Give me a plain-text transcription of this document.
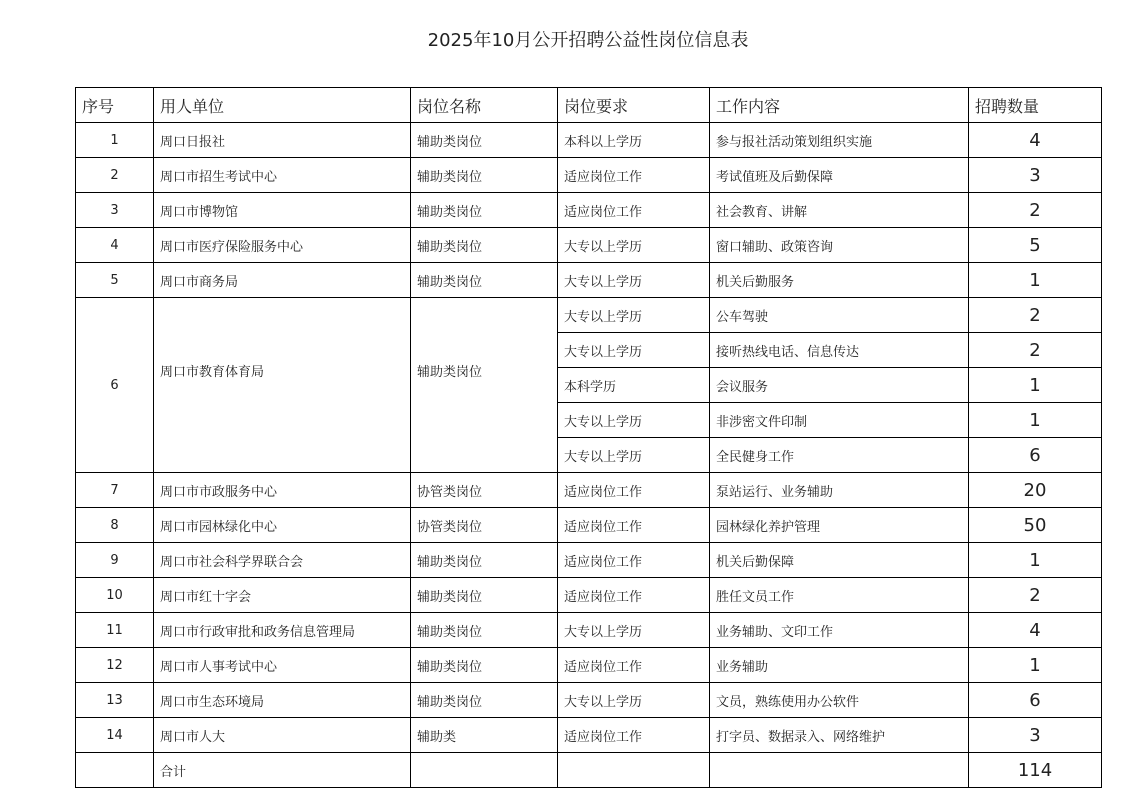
2025年10月公开招聘公益性岗位信息表
序号	用人单位	岗位名称	岗位要求	工作内容	招聘数量
1	周口日报社	辅助类岗位	本科以上学历	参与报社活动策划组织实施	4
2	周口市招生考试中心	辅助类岗位	适应岗位工作	考试值班及后勤保障	3
3	周口市博物馆	辅助类岗位	适应岗位工作	社会教育、讲解	2
4	周口市医疗保险服务中心	辅助类岗位	大专以上学历	窗口辅助、政策咨询	5
5	周口市商务局	辅助类岗位	大专以上学历	机关后勤服务	1
6	周口市教育体育局	辅助类岗位	大专以上学历	公车驾驶	2
			大专以上学历	接听热线电话、信息传达	2
			本科学历	会议服务	1
			大专以上学历	非涉密文件印制	1
			大专以上学历	全民健身工作	6
7	周口市市政服务中心	协管类岗位	适应岗位工作	泵站运行、业务辅助	20
8	周口市园林绿化中心	协管类岗位	适应岗位工作	园林绿化养护管理	50
9	周口市社会科学界联合会	辅助类岗位	适应岗位工作	机关后勤保障	1
10	周口市红十字会	辅助类岗位	适应岗位工作	胜任文员工作	2
11	周口市行政审批和政务信息管理局	辅助类岗位	大专以上学历	业务辅助、文印工作	4
12	周口市人事考试中心	辅助类岗位	适应岗位工作	业务辅助	1
13	周口市生态环境局	辅助类岗位	大专以上学历	文员，熟练使用办公软件	6
14	周口市人大	辅助类	适应岗位工作	打字员、数据录入、网络维护	3
	合计				114
